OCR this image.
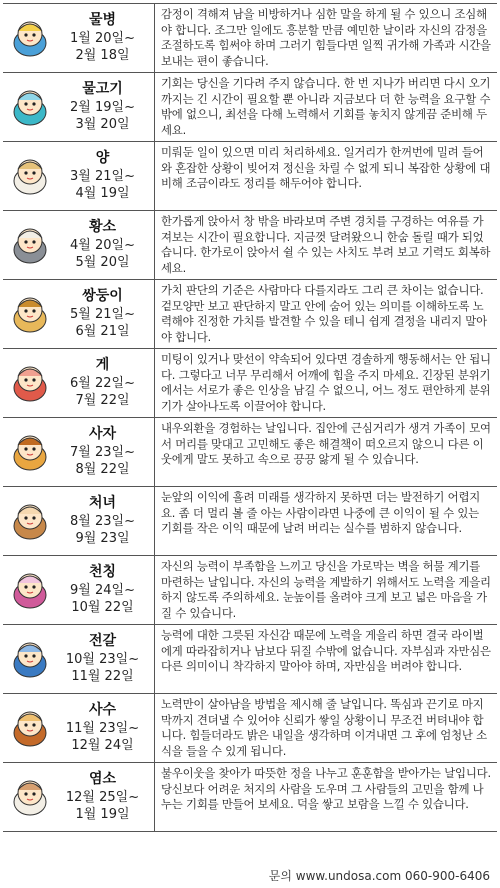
물병
1월 20일~
2월 18일
감정이 격해져 남을 비방하거나 심한 말을 하게 될 수 있으니 조심해야 합니다. 조그만 일에도 흥분할 만큼 예민한 날이라 자신의 감정을 조절하도록 힘써야 하며 그러기 힘들다면 일찍 귀가해 가족과 시간을 보내는 편이 좋습니다.
물고기
2월 19일~
3월 20일
기회는 당신을 기다려 주지 않습니다. 한 번 지나가 버리면 다시 오기까지는 긴 시간이 필요할 뿐 아니라 지금보다 더 한 능력을 요구할 수밖에 없으니, 최선을 다해 노력해서 기회를 놓치지 않게끔 준비해 두세요.
양
3월 21일~
4월 19일
미뤄둔 일이 있으면 미리 처리하세요. 일거리가 한꺼번에 밀려 들어와 혼잡한 상황이 빚어져 정신을 차릴 수 없게 되니 복잡한 상황에 대비해 조금이라도 정리를 해두어야 합니다.
황소
4월 20일~
5월 20일
한가롭게 앉아서 창 밖을 바라보며 주변 경치를 구경하는 여유를 가져보는 시간이 필요합니다. 지금껏 달려왔으니 한숨 돌릴 때가 되었습니다. 한가로이 앉아서 쉴 수 있는 사치도 부려 보고 기력도 회복하세요.
쌍둥이
5월 21일~
6월 21일
가치 판단의 기준은 사람마다 다를지라도 그리 큰 차이는 없습니다. 겉모양만 보고 판단하지 말고 안에 숨어 있는 의미를 이해하도록 노력해야 진정한 가치를 발견할 수 있을 테니 쉽게 결정을 내리지 말아야 합니다.
게
6월 22일~
7월 22일
미팅이 있거나 맞선이 약속되어 있다면 경솔하게 행동해서는 안 됩니다. 그렇다고 너무 무리해서 어깨에 힘을 주지 마세요. 긴장된 분위기에서는 서로가 좋은 인상을 남길 수 없으니, 어느 정도 편안하게 분위기가 살아나도록 이끌어야 합니다.
사자
7월 23일~
8월 22일
내우외환을 경험하는 날입니다. 집안에 근심거리가 생겨 가족이 모여서 머리를 맞대고 고민해도 좋은 해결책이 떠오르지 않으니 다른 이웃에게 말도 못하고 속으로 끙끙 앓게 될 수 있습니다.
처녀
8월 23일~
9월 23일
눈앞의 이익에 흘려 미래를 생각하지 못하면 더는 발전하기 어렵지요. 좀 더 멀리 볼 줄 아는 사람이라면 나중에 큰 이익이 될 수 있는 기회를 작은 이익 때문에 날려 버리는 실수를 범하지 않습니다.
천칭
9월 24일~
10월 22일
자신의 능력이 부족함을 느끼고 당신을 가로막는 벽을 허물 계기를 마련하는 날입니다. 자신의 능력을 계발하기 위해서도 노력을 게을리 하지 않도록 주의하세요. 눈높이를 올려야 크게 보고 넓은 마음을 가질 수 있습니다.
전갈
10월 23일~
11월 22일
능력에 대한 그릇된 자신감 때문에 노력을 게을리 하면 결국 라이벌에게 따라잡히거나 남보다 뒤질 수밖에 없습니다. 자부심과 자만심은 다른 의미이니 착각하지 말아야 하며, 자만심을 버려야 합니다.
사수
11월 23일~
12월 24일
노력만이 살아남을 방법을 제시해 줄 날입니다. 똑심과 끈기로 마지막까지 견뎌낼 수 있어야 신뢰가 쌓일 상황이니 무조건 버텨내야 합니다. 힘들더라도 밝은 내일을 생각하며 이겨내면 그 후에 엄청난 소식을 들을 수 있게 됩니다.
염소
12월 25일~
1월 19일
불우이웃을 찾아가 따뜻한 정을 나누고 훈훈함을 받아가는 날입니다. 당신보다 어려운 처지의 사람을 도우며 그 사람들의 고민을 함께 나누는 기회를 만들어 보세요. 덕을 쌓고 보람을 느낄 수 있습니다.
문의 www.undosa.com 060-900-6406
